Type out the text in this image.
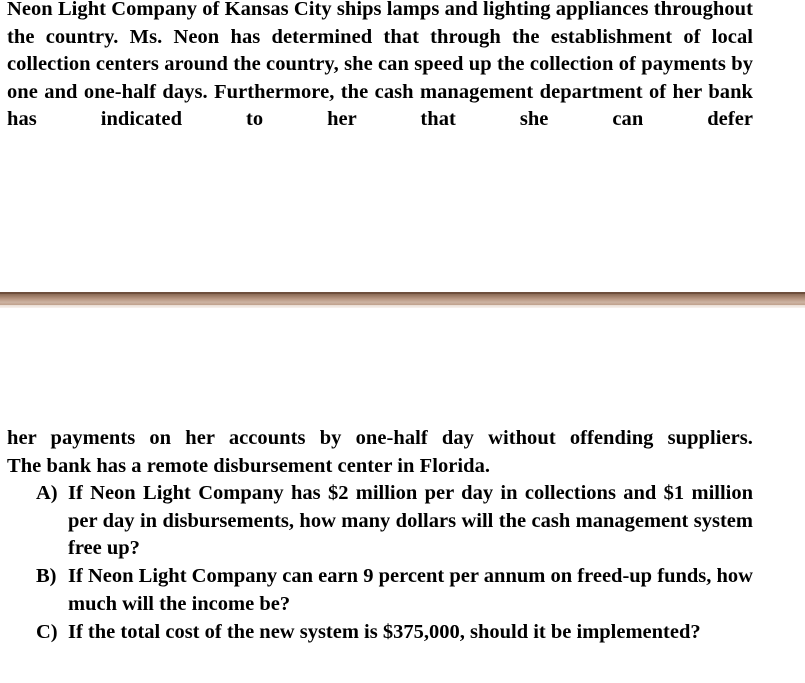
Neon Light Company of Kansas City ships lamps and lighting appliances throughout the country. Ms. Neon has determined that through the establishment of local collection centers around the country, she can speed up the collection of payments by one and one-half days. Furthermore, the cash management department of her bank has indicated to her that she can defer
her payments on her accounts by one-half day without offending suppliers.
The bank has a remote disbursement center in Florida.
A) If Neon Light Company has $2 million per day in collections and $1 million per day in disbursements, how many dollars will the cash management system free up?
B) If Neon Light Company can earn 9 percent per annum on freed-up funds, how much will the income be?
C) If the total cost of the new system is $375,000, should it be implemented?
